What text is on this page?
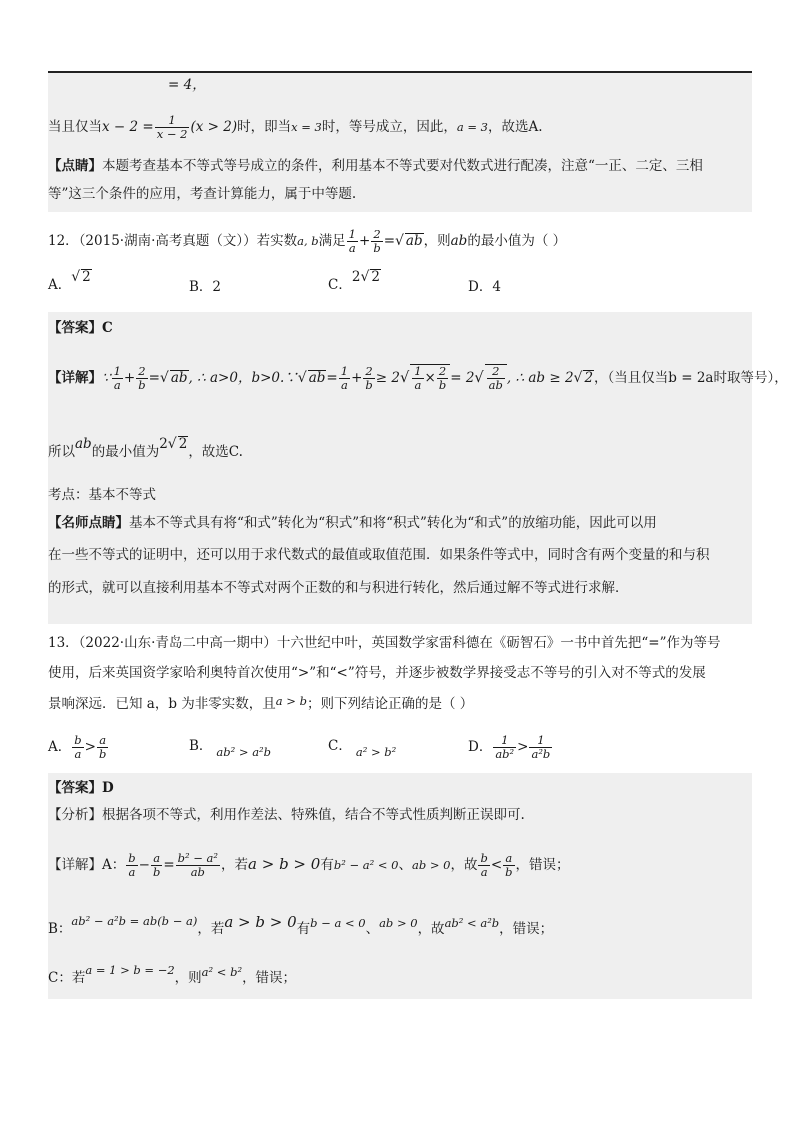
= 4，
当且仅当$x - 2 = \frac{1}{x - 2} (x > 2)$时，即当x = 3时，等号成立，因此，a = 3，故选A.
【点睛】本题考查基本不等式等号成立的条件，利用基本不等式要对代数式进行配凑，注意“一正、二定、三相
等”这三个条件的应用，考查计算能力，属于中等题.
12．（2015·湖南·高考真题（文））若实数a, b满足 $\frac{1}{a} + \frac{2}{b}$ =√ ab，则ab的最小值为（ ）
A．√ 2
B．2	C．2√ 2
D．4
【答案】C
【详解】∵ $\frac{1}{a} + \frac{2}{b}$ =√ ab, ∴ a>0，b>0.∵√ $ab= \frac{1}{a} + \frac{2}{b} \ge 2√ \frac{1}{a} \times \frac{2}{b} = 2√ \frac{2}{ab}$ , ∴ ab ≥ 2√ 2，（当且仅当b = 2a时取等号），
所以ab的最小值为2√ 2，故选C.
考点：基本不等式
【名师点睛】基本不等式具有将“和式”转化为“积式”和将“积式”转化为“和式”的放缩功能，因此可以用
在一些不等式的证明中，还可以用于求代数式的最值或取值范围．如果条件等式中，同时含有两个变量的和与积
的形式，就可以直接利用基本不等式对两个正数的和与积进行转化，然后通过解不等式进行求解．
13．（2022·山东·青岛二中高一期中）十六世纪中叶，英国数学家雷科德在《砺智石》一书中首先把“=”作为等号
使用，后来英国资学家哈利奥特首次使用“>”和“<”符号，并逐步被数学界接受志不等号的引入对不等式的发展
景响深远．已知 a，b 为非零实数，且a > b；则下列结论正确的是（ ）
A． $\frac{b}{a} > \frac{a}{b}$	B． ab² > a²b	C． a² > b²	D． $\frac{1}{\text{ab²}} > \frac{1}{\text{a²b}}$
【答案】D
【分析】根据各项不等式，利用作差法、特殊值，结合不等式性质判断正误即可.
【详解】A： $\frac{b}{a} - \frac{a}{b} = \frac{\text{b² − a²}}{ab}$ ，若a > b > 0有b² − a² < 0、ab > 0，故 $\frac{b}{a} < \frac{a}{b}$ ，错误；
B：ab² − a²b = ab(b − a)，若a > b > 0有b − a < 0、ab > 0，故ab² < a²b，错误；
C：若a = 1 > b = −2，则a² < b²，错误；
